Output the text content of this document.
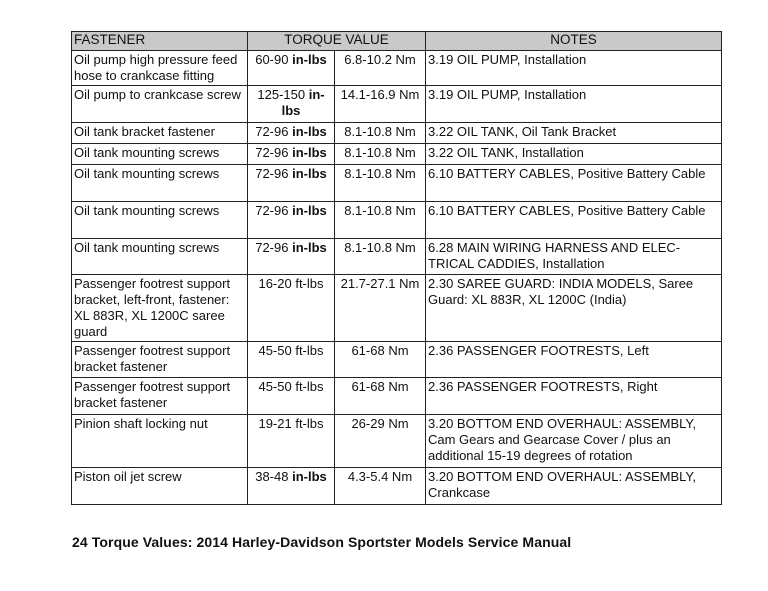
FASTENER	TORQUE VALUE		NOTES
Oil pump high pressure feed hose to crankcase fitting	60-90 in-lbs	6.8-10.2 Nm	3.19 OIL PUMP, Installation
Oil pump to crankcase screw	125-150 in-lbs	14.1-16.9 Nm	3.19 OIL PUMP, Installation
Oil tank bracket fastener	72-96 in-lbs	8.1-10.8 Nm	3.22 OIL TANK, Oil Tank Bracket
Oil tank mounting screws	72-96 in-lbs	8.1-10.8 Nm	3.22 OIL TANK, Installation
Oil tank mounting screws	72-96 in-lbs	8.1-10.8 Nm	6.10 BATTERY CABLES, Positive Battery Cable
Oil tank mounting screws	72-96 in-lbs	8.1-10.8 Nm	6.10 BATTERY CABLES, Positive Battery Cable
Oil tank mounting screws	72-96 in-lbs	8.1-10.8 Nm	6.28 MAIN WIRING HARNESS AND ELEC-TRICAL CADDIES, Installation
Passenger footrest support bracket, left-front, fastener: XL 883R, XL 1200C saree guard	16-20 ft-lbs	21.7-27.1 Nm	2.30 SAREE GUARD: INDIA MODELS, Saree Guard: XL 883R, XL 1200C (India)
Passenger footrest support bracket fastener	45-50 ft-lbs	61-68 Nm	2.36 PASSENGER FOOTRESTS, Left
Passenger footrest support bracket fastener	45-50 ft-lbs	61-68 Nm	2.36 PASSENGER FOOTRESTS, Right
Pinion shaft locking nut	19-21 ft-lbs	26-29 Nm	3.20 BOTTOM END OVERHAUL: ASSEMBLY, Cam Gears and Gearcase Cover / plus an additional 15-19 degrees of rotation
Piston oil jet screw	38-48 in-lbs	4.3-5.4 Nm	3.20 BOTTOM END OVERHAUL: ASSEMBLY, Crankcase
24 Torque Values: 2014 Harley-Davidson Sportster Models Service Manual
